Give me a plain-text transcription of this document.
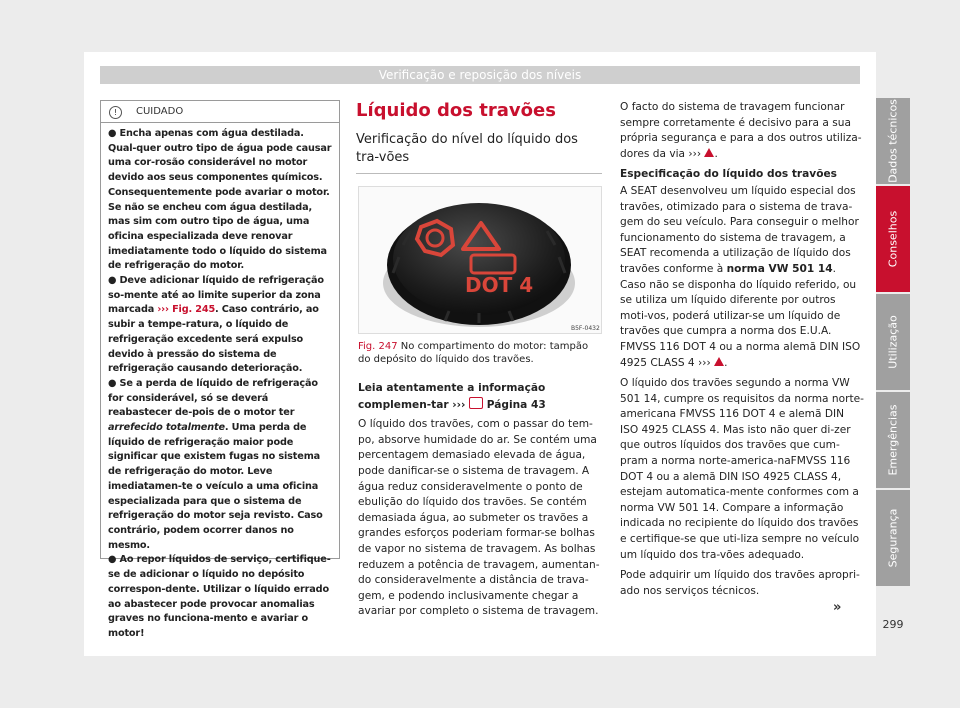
Verificação e reposição dos níveis
! CUIDADO

● Encha apenas com água destilada. Qual-quer outro tipo de água pode causar uma cor-rosão considerável no motor devido aos seus componentes químicos. Consequentemente pode avariar o motor. Se não se encheu com água destilada, mas sim com outro tipo de água, uma oficina especializada deve renovar imediatamente todo o líquido do sistema de refrigeração do motor.

● Deve adicionar líquido de refrigeração so-mente até ao limite superior da zona marcada ››› Fig. 245. Caso contrário, ao subir a tempe-ratura, o líquido de refrigeração excedente será expulso devido à pressão do sistema de refrigeração causando deterioração.

● Se a perda de líquido de refrigeração for considerável, só se deverá reabastecer de-pois de o motor ter arrefecido totalmente. Uma perda de líquido de refrigeração maior pode significar que existem fugas no sistema de refrigeração do motor. Leve imediatamen-te o veículo a uma oficina especializada para que o sistema de refrigeração do motor seja revisto. Caso contrário, podem ocorrer danos no mesmo.

● Ao repor líquidos de serviço, certifique-se de adicionar o líquido no depósito correspon-dente. Utilizar o líquido errado ao abastecer pode provocar anomalias graves no funciona-mento e avariar o motor!

Líquido dos travões
Verificação do nível do líquido dos tra-vões
DOT 4
B5F-0432
Fig. 247 No compartimento do motor: tampão do depósito do líquido dos travões.

Leia atentamente a informação complemen-tar ››› Página 43

O líquido dos travões, com o passar do tem-po, absorve humidade do ar. Se contém uma percentagem demasiado elevada de água, pode danificar-se o sistema de travagem. A água reduz consideravelmente o ponto de ebulição do líquido dos travões. Se contém demasiada água, ao submeter os travões a grandes esforços poderiam formar-se bolhas de vapor no sistema de travagem. As bolhas reduzem a potência de travagem, aumentan-do consideravelmente a distância de trava-gem, e podendo inclusivamente chegar a avariar por completo o sistema de travagem.

O facto do sistema de travagem funcionar sempre corretamente é decisivo para a sua própria segurança e para a dos outros utiliza-dores da via ››› .

Especificação do líquido dos travões

A SEAT desenvolveu um líquido especial dos travões, otimizado para o sistema de trava-gem do seu veículo. Para conseguir o melhor funcionamento do sistema de travagem, a SEAT recomenda a utilização de líquido dos travões conforme à norma VW 501 14. Caso não se disponha do líquido referido, ou se utiliza um líquido diferente por outros moti-vos, poderá utilizar-se um líquido de travões que cumpra a norma dos E.U.A. FMVSS 116 DOT 4 ou a norma alemã DIN ISO 4925 CLASS 4 ››› .

O líquido dos travões segundo a norma VW 501 14, cumpre os requisitos da norma norte-americana FMVSS 116 DOT 4 e alemã DIN ISO 4925 CLASS 4. Mas isto não quer di-zer que outros líquidos dos travões que cum-pram a norma norte-america-naFMVSS 116 DOT 4 ou a alemã DIN ISO 4925 CLASS 4, estejam automatica-mente conformes com a norma VW 501 14. Compare a informação indicada no recipiente do líquido dos travões e certifique-se que uti-liza sempre no veículo um líquido dos tra-vões adequado.

Pode adquirir um líquido dos travões apropri-ado nos serviços técnicos.

»
Dados técnicos
Conselhos
Utilização
Emergências
Segurança
299
